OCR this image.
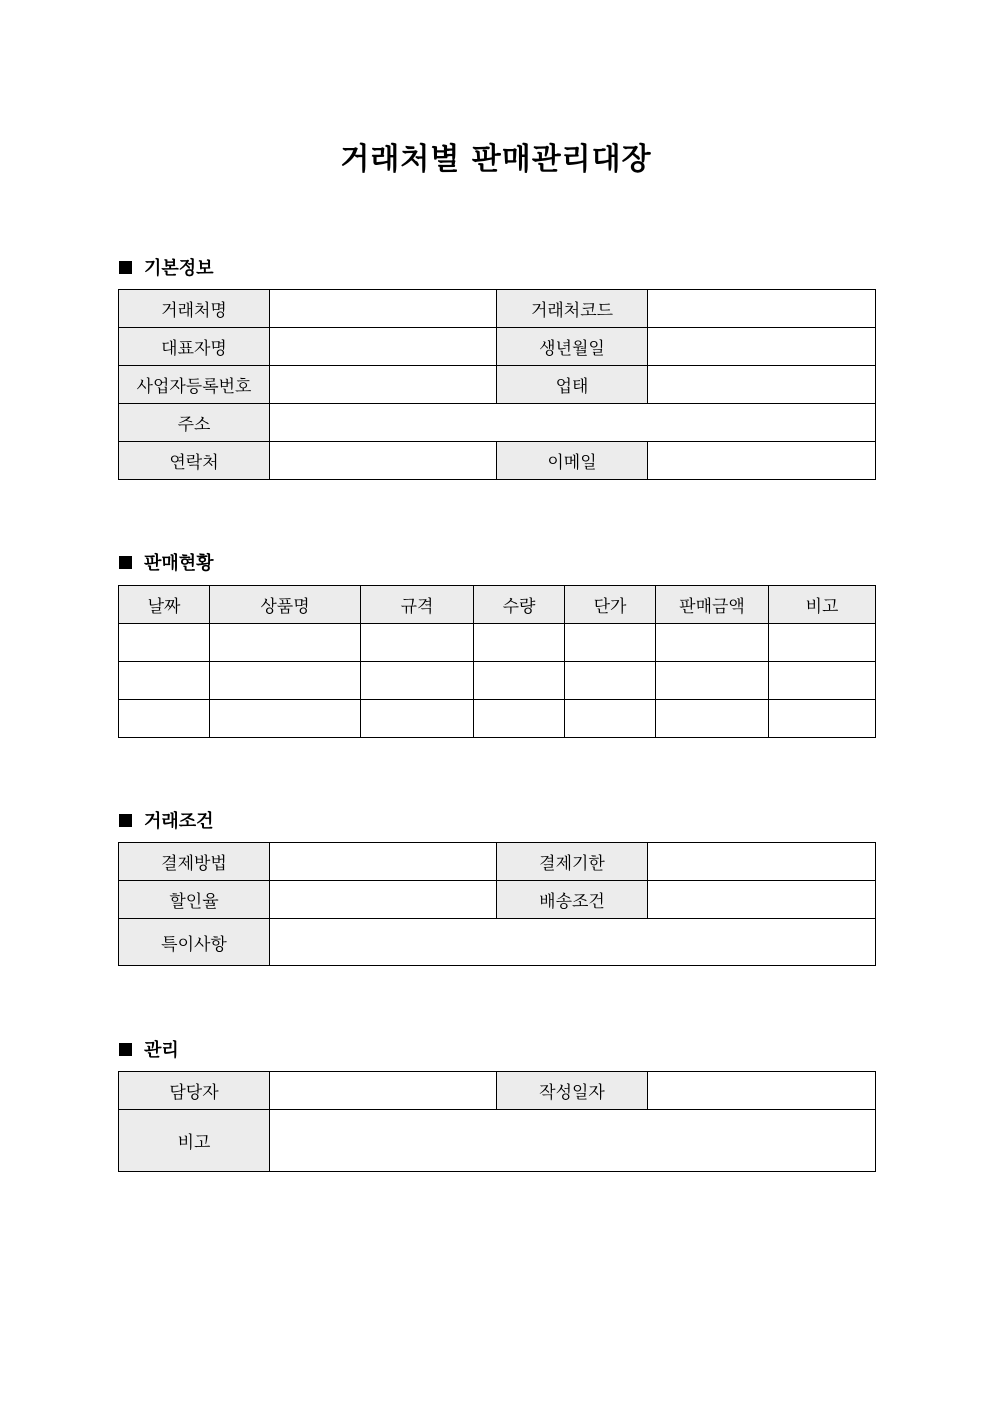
거래처별 판매관리대장
기본정보
거래처명		거래처코드	
대표자명		생년월일	
사업자등록번호		업태	
주소			
연락처		이메일	
판매현황
날짜	상품명	규격	수량	단가	판매금액	비고

거래조건
결제방법		결제기한	
할인율		배송조건	
특이사항			
관리
담당자		작성일자	
비고			
